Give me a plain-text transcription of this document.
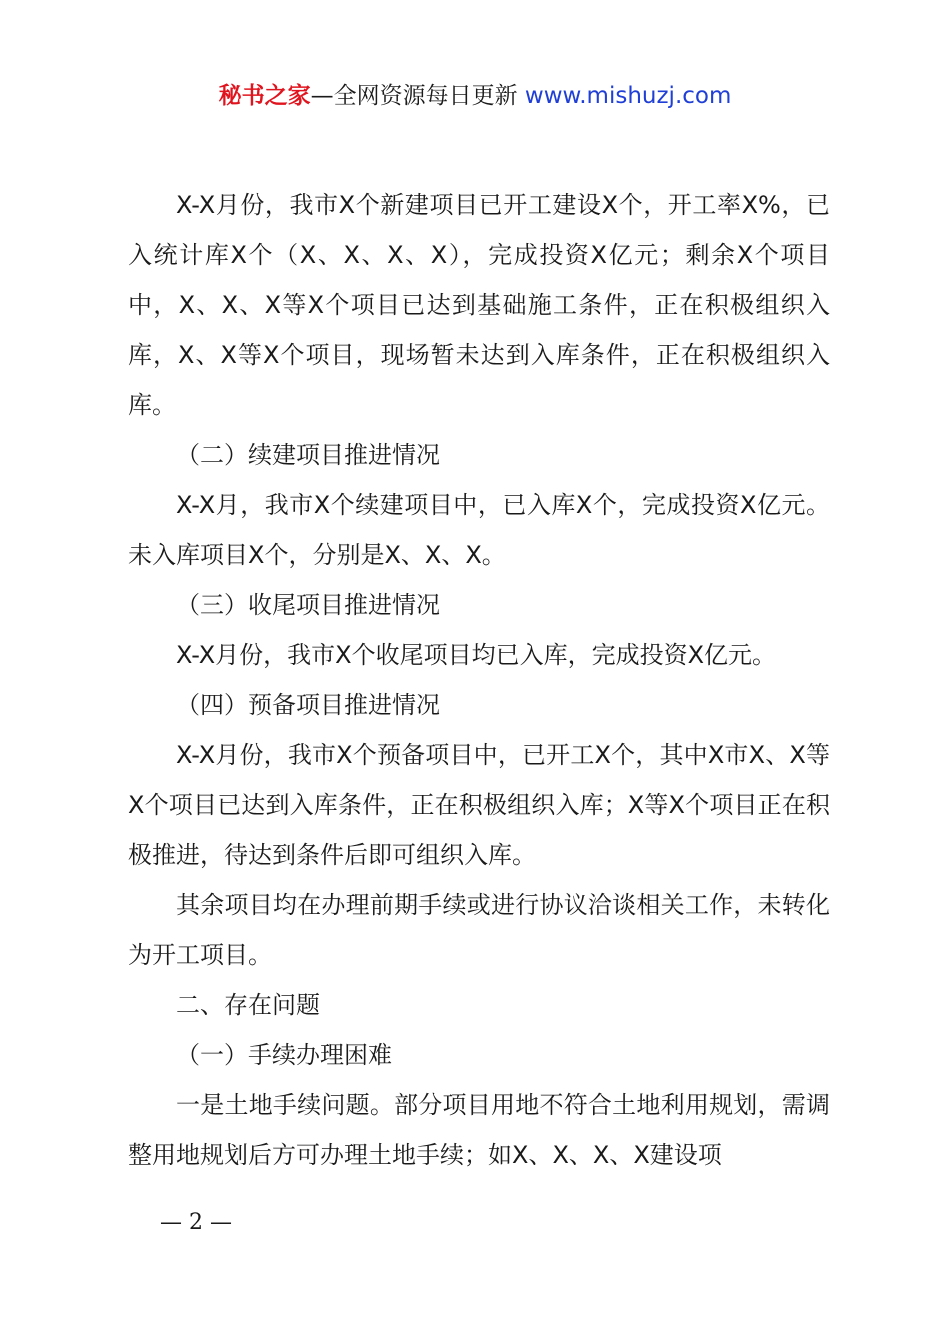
秘书之家—全网资源每日更新 www.mishuzj.com

X-X月份，我市X个新建项目已开工建设X个，开工率X%，已入统计库X个（X、X、X、X），完成投资X亿元；剩余X个项目中，X、X、X等X个项目已达到基础施工条件，正在积极组织入库，X、X等X个项目，现场暂未达到入库条件，正在积极组织入库。

（二）续建项目推进情况

X-X月，我市X个续建项目中，已入库X个，完成投资X亿元。未入库项目X个，分别是X、X、X。

（三）收尾项目推进情况

X-X月份，我市X个收尾项目均已入库，完成投资X亿元。

（四）预备项目推进情况

X-X月份，我市X个预备项目中，已开工X个，其中X市X、X等X个项目已达到入库条件，正在积极组织入库；X等X个项目正在积极推进，待达到条件后即可组织入库。

其余项目均在办理前期手续或进行协议洽谈相关工作，未转化为开工项目。

二、存在问题

（一）手续办理困难

一是土地手续问题。部分项目用地不符合土地利用规划，需调整用地规划后方可办理土地手续；如X、X、X、X建设项

— 2 —
